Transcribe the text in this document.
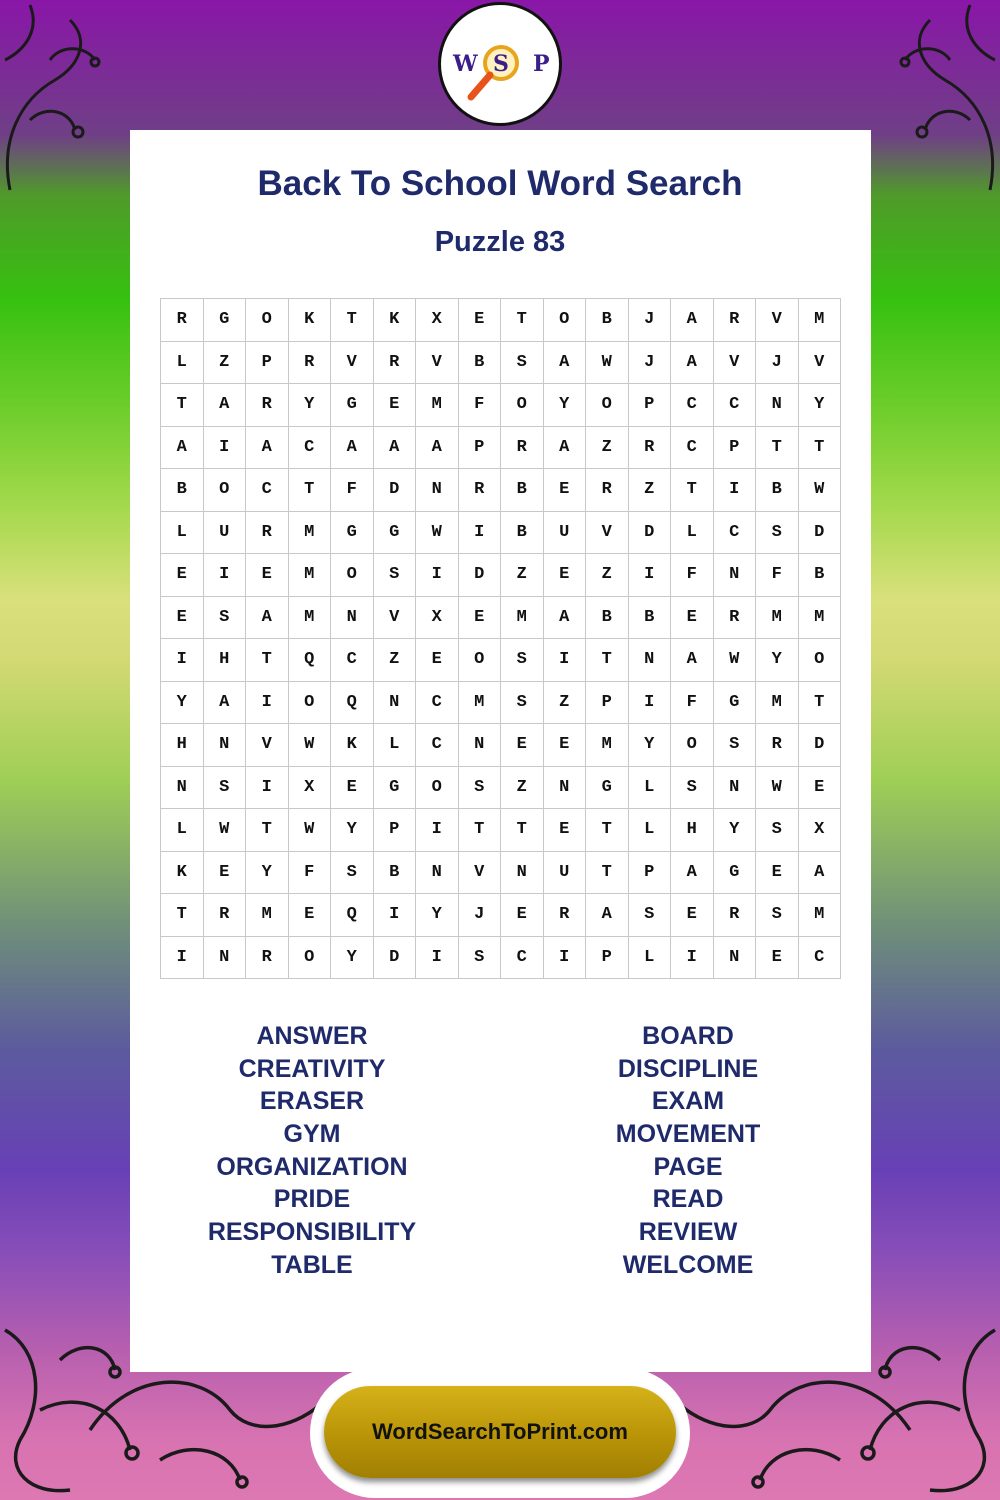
W S P
Back To School Word Search
Puzzle 83
R	G	O	K	T	K	X	E	T	O	B	J	A	R	V	M
L	Z	P	R	V	R	V	B	S	A	W	J	A	V	J	V
T	A	R	Y	G	E	M	F	O	Y	O	P	C	C	N	Y
A	I	A	C	A	A	A	P	R	A	Z	R	C	P	T	T
B	O	C	T	F	D	N	R	B	E	R	Z	T	I	B	W
L	U	R	M	G	G	W	I	B	U	V	D	L	C	S	D
E	I	E	M	O	S	I	D	Z	E	Z	I	F	N	F	B
E	S	A	M	N	V	X	E	M	A	B	B	E	R	M	M
I	H	T	Q	C	Z	E	O	S	I	T	N	A	W	Y	O
Y	A	I	O	Q	N	C	M	S	Z	P	I	F	G	M	T
H	N	V	W	K	L	C	N	E	E	M	Y	O	S	R	D
N	S	I	X	E	G	O	S	Z	N	G	L	S	N	W	E
L	W	T	W	Y	P	I	T	T	E	T	L	H	Y	S	X
K	E	Y	F	S	B	N	V	N	U	T	P	A	G	E	A
T	R	M	E	Q	I	Y	J	E	R	A	S	E	R	S	M
I	N	R	O	Y	D	I	S	C	I	P	L	I	N	E	C
ANSWER
CREATIVITY
ERASER
GYM
ORGANIZATION
PRIDE
RESPONSIBILITY
TABLE
BOARD
DISCIPLINE
EXAM
MOVEMENT
PAGE
READ
REVIEW
WELCOME
WordSearchToPrint.com
